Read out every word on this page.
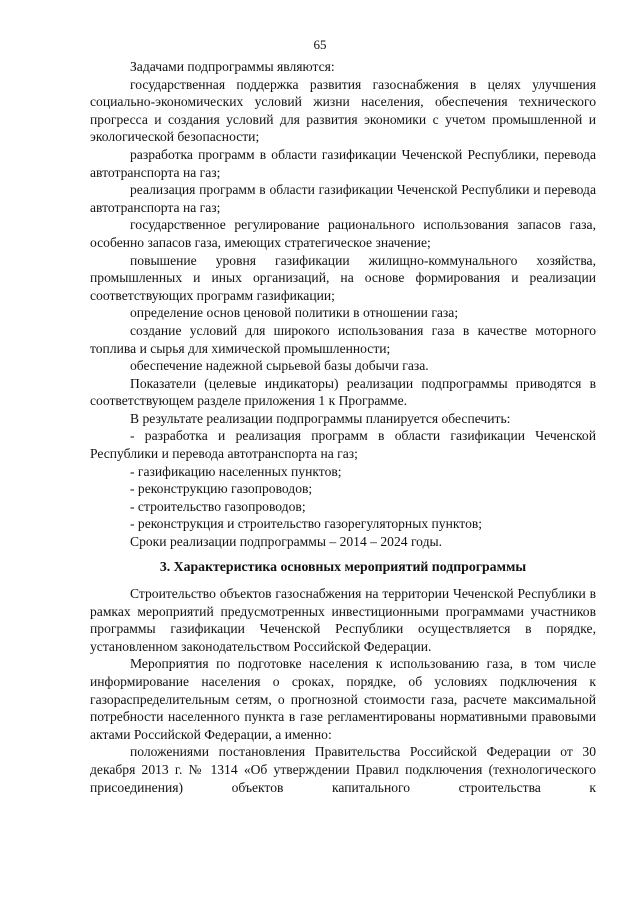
65

Задачами подпрограммы являются:

государственная поддержка развития газоснабжения в целях улучшения социально-экономических условий жизни населения, обеспечения технического прогресса и создания условий для развития экономики с учетом промышленной и экологической безопасности;

разработка программ в области газификации Чеченской Республики, перевода автотранспорта на газ;

реализация программ в области газификации Чеченской Республики и перевода автотранспорта на газ;

государственное регулирование рационального использования запасов газа, особенно запасов газа, имеющих стратегическое значение;

повышение уровня газификации жилищно-коммунального хозяйства, промышленных и иных организаций, на основе формирования и реализации соответствующих программ газификации;

определение основ ценовой политики в отношении газа;

создание условий для широкого использования газа в качестве моторного топлива и сырья для химической промышленности;

обеспечение надежной сырьевой базы добычи газа.

Показатели (целевые индикаторы) реализации подпрограммы приводятся в соответствующем разделе приложения 1 к Программе.

В результате реализации подпрограммы планируется обеспечить:

- разработка и реализация программ в области газификации Чеченской Республики и перевода автотранспорта на газ;

- газификацию населенных пунктов;

- реконструкцию газопроводов;

- строительство газопроводов;

- реконструкция и строительство газорегуляторных пунктов;

Сроки реализации подпрограммы – 2014 – 2024 годы.

3. Характеристика основных мероприятий подпрограммы

Строительство объектов газоснабжения на территории Чеченской Республики в рамках мероприятий предусмотренных инвестиционными программами участников программы газификации Чеченской Республики осуществляется в порядке, установленном законодательством Российской Федерации.

Мероприятия по подготовке населения к использованию газа, в том числе информирование населения о сроках, порядке, об условиях подключения к газораспределительным сетям, о прогнозной стоимости газа, расчете максимальной потребности населенного пункта в газе регламентированы нормативными правовыми актами Российской Федерации, а именно:

положениями постановления Правительства Российской Федерации от 30 декабря 2013 г. № 1314 «Об утверждении Правил подключения (технологического присоединения) объектов капитального строительства к
